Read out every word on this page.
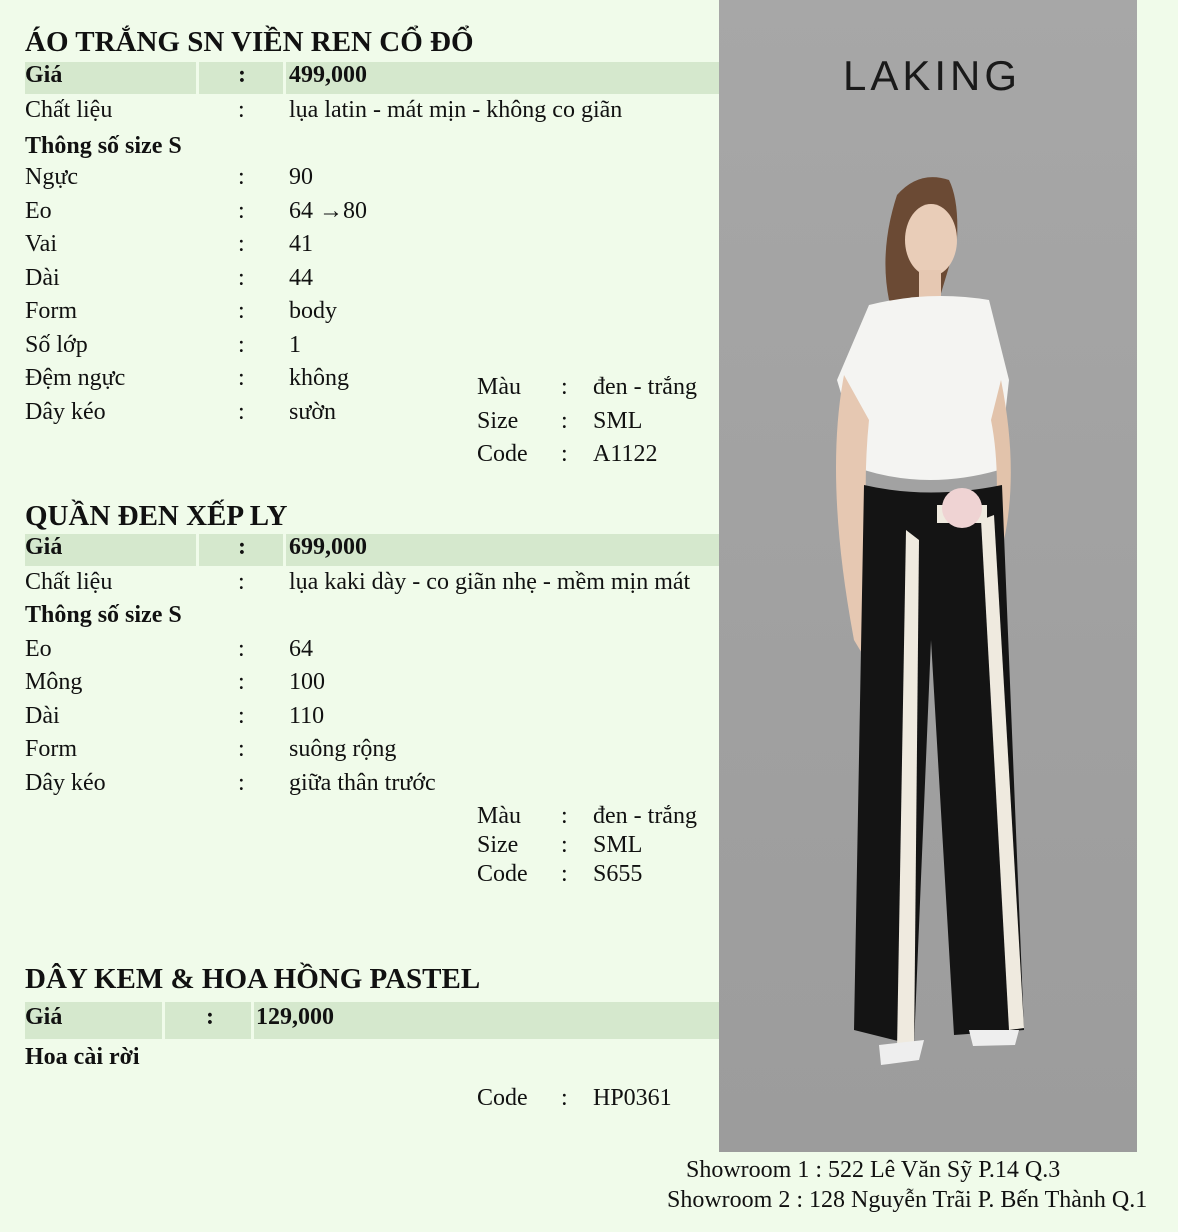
ÁO TRẮNG SN VIỀN REN CỔ ĐỔ
Giá	: 499,000
Chất liệu	: lụa latin - mát mịn - không co giãn
Thông số size S
Ngực	: 90
Eo	: 64 →80
Vai	: 41
Dài	: 44
Form	: body
Số lớp	: 1
Đệm ngực	: không
Dây kéo	: sườn
Màu : đen - trắng
Size : SML
Code : A1122
QUẦN ĐEN XẾP LY
Giá	: 699,000
Chất liệu	: lụa kaki dày - co giãn nhẹ - mềm mịn mát
Thông số size S
Eo	: 64
Mông	: 100
Dài	: 110
Form	: suông rộng
Dây kéo	: giữa thân trước
Màu : đen - trắng
Size : SML
Code : S655
DÂY KEM & HOA HỒNG PASTEL
Giá	: 129,000
Hoa cài rời
Code : HP0361
LAKING
Showroom 1 : 522 Lê Văn Sỹ P.14 Q.3
Showroom 2 : 128 Nguyễn Trãi P. Bến Thành Q.1
